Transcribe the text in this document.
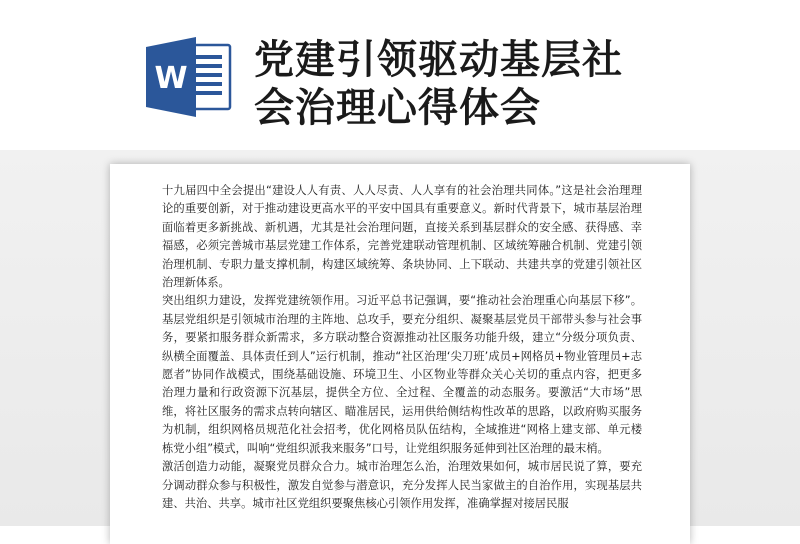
W 党建引领驱动基层社
会治理心得体会

十九届四中全会提出“建设人人有责、人人尽责、人人享有的社会治理共同体。”这是社会治理理论的重要创新，对于推动建设更高水平的平安中国具有重要意义。新时代背景下，城市基层治理面临着更多新挑战、新机遇，尤其是社会治理问题，直接关系到基层群众的安全感、获得感、幸福感，必须完善城市基层党建工作体系，完善党建联动管理机制、区域统筹融合机制、党建引领治理机制、专职力量支撑机制，构建区域统筹、条块协同、上下联动、共建共享的党建引领社区治理新体系。

突出组织力建设，发挥党建统领作用。习近平总书记强调，要“推动社会治理重心向基层下移”。基层党组织是引领城市治理的主阵地、总攻手，要充分组织、凝聚基层党员干部带头参与社会事务，要紧扣服务群众新需求，多方联动整合资源推动社区服务功能升级，建立“分级分项负责、纵横全面覆盖、具体责任到人”运行机制，推动“社区治理‘尖刀班’成员+网格员+物业管理员+志愿者”协同作战模式，围绕基础设施、环境卫生、小区物业等群众关心关切的重点内容，把更多治理力量和行政资源下沉基层，提供全方位、全过程、全覆盖的动态服务。要激活“大市场”思维，将社区服务的需求点转向辖区、瞄准居民，运用供给侧结构性改革的思路，以政府购买服务为机制，组织网格员规范化社会招考，优化网格员队伍结构，全域推进“网格上建支部、单元楼栋党小组”模式，叫响“党组织派我来服务”口号，让党组织服务延伸到社区治理的最末梢。

激活创造力动能，凝聚党员群众合力。城市治理怎么治，治理效果如何，城市居民说了算，要充分调动群众参与积极性，激发自觉参与潜意识，充分发挥人民当家做主的自治作用，实现基层共建、共治、共享。城市社区党组织要聚焦核心引领作用发挥，准确掌握对接居民服
